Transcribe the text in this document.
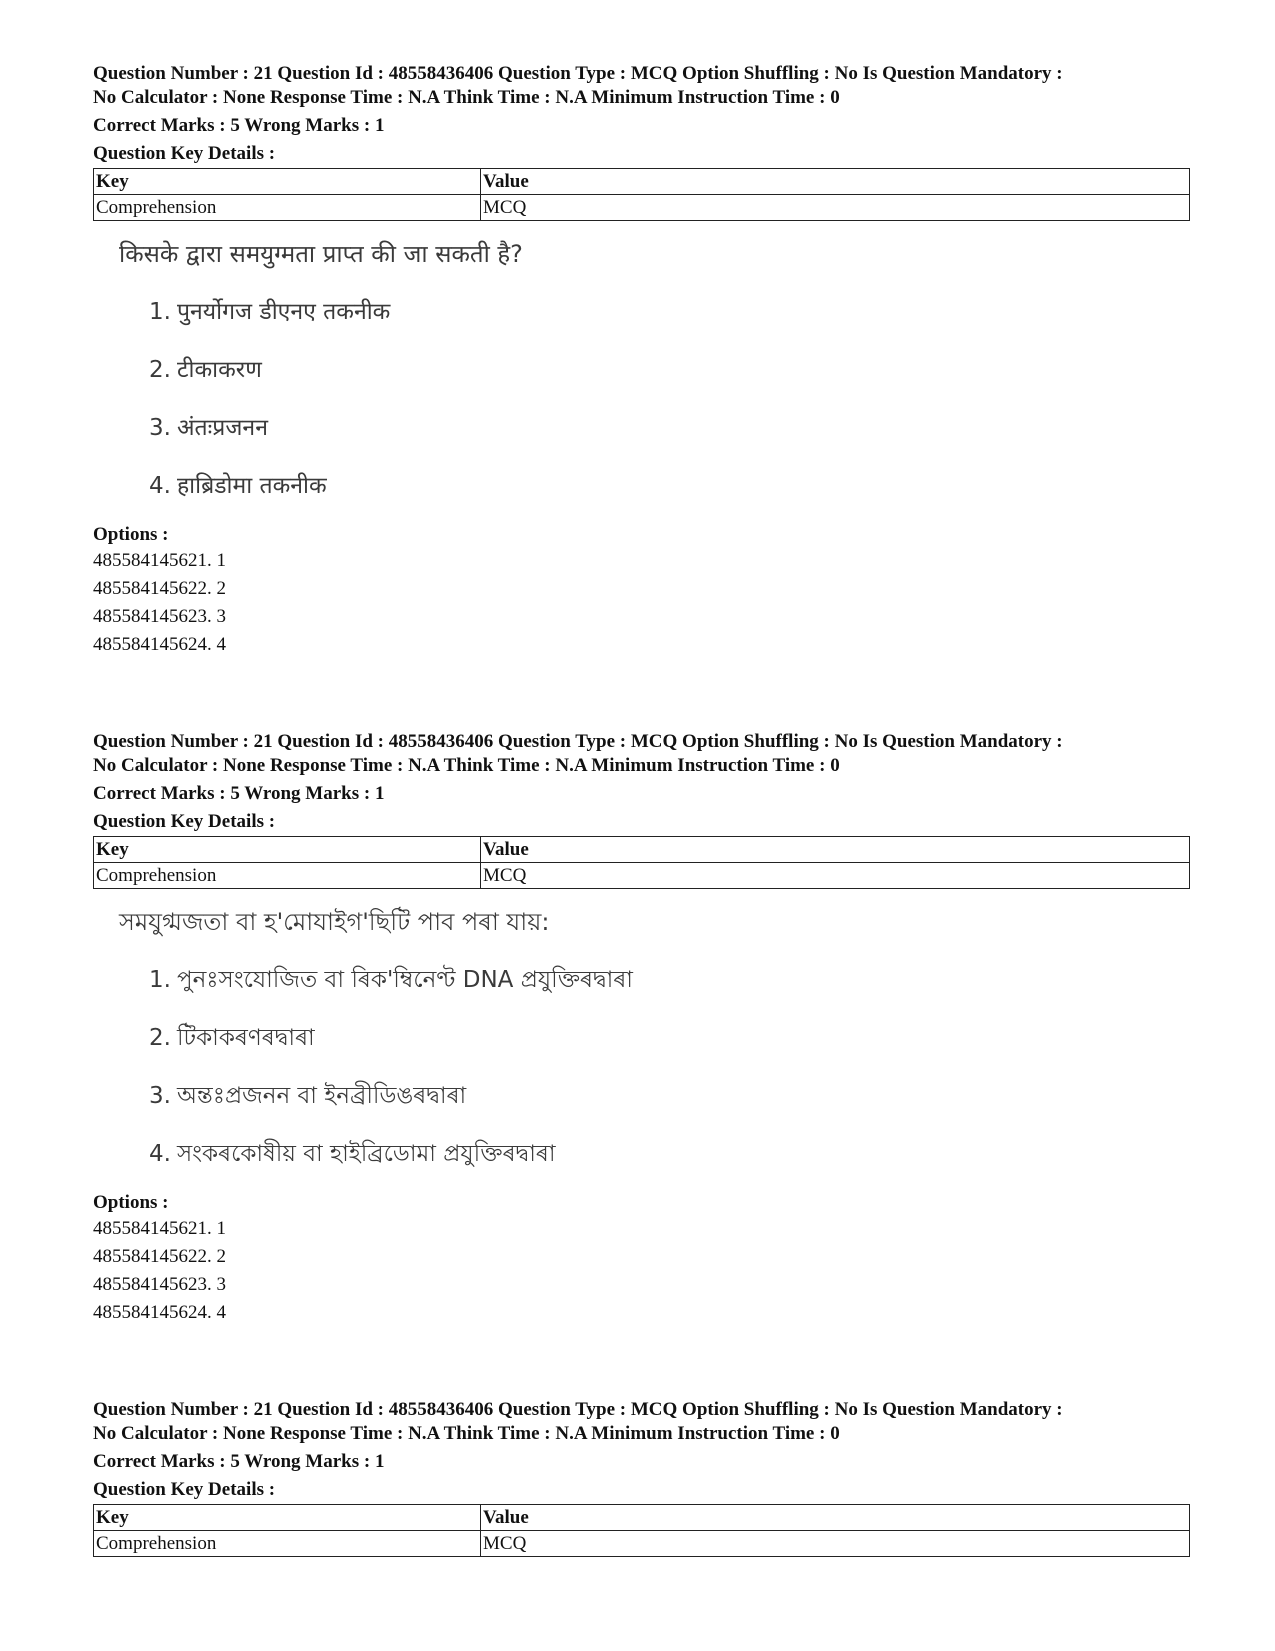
Question Number : 21 Question Id : 48558436406 Question Type : MCQ Option Shuffling : No Is Question Mandatory :
No Calculator : None Response Time : N.A Think Time : N.A Minimum Instruction Time : 0
Correct Marks : 5 Wrong Marks : 1
Question Key Details :
Key	Value
Comprehension	MCQ
किसके द्वारा समयुग्मता प्राप्त की जा सकती है?
1. पुनर्योगज डीएनए तकनीक
2. टीकाकरण
3. अंतःप्रजनन
4. हाब्रिडोमा तकनीक
Options :
485584145621. 1
485584145622. 2
485584145623. 3
485584145624. 4
Question Number : 21 Question Id : 48558436406 Question Type : MCQ Option Shuffling : No Is Question Mandatory :
No Calculator : None Response Time : N.A Think Time : N.A Minimum Instruction Time : 0
Correct Marks : 5 Wrong Marks : 1
Question Key Details :
Key	Value
Comprehension	MCQ
সমযুগ্মজতা বা হ'মোযাইগ'ছিটি পাব পৰা যায়:
1. পুনঃসংযোজিত বা ৰিক'ম্বিনেণ্ট DNA প্ৰযুক্তিৰদ্বাৰা
2. টিকাকৰণৰদ্বাৰা
3. অন্তঃপ্ৰজনন বা ইনব্ৰীডিঙৰদ্বাৰা
4. সংকৰকোষীয় বা হাইব্ৰিডোমা প্ৰযুক্তিৰদ্বাৰা
Options :
485584145621. 1
485584145622. 2
485584145623. 3
485584145624. 4
Question Number : 21 Question Id : 48558436406 Question Type : MCQ Option Shuffling : No Is Question Mandatory :
No Calculator : None Response Time : N.A Think Time : N.A Minimum Instruction Time : 0
Correct Marks : 5 Wrong Marks : 1
Question Key Details :
Key	Value
Comprehension	MCQ
